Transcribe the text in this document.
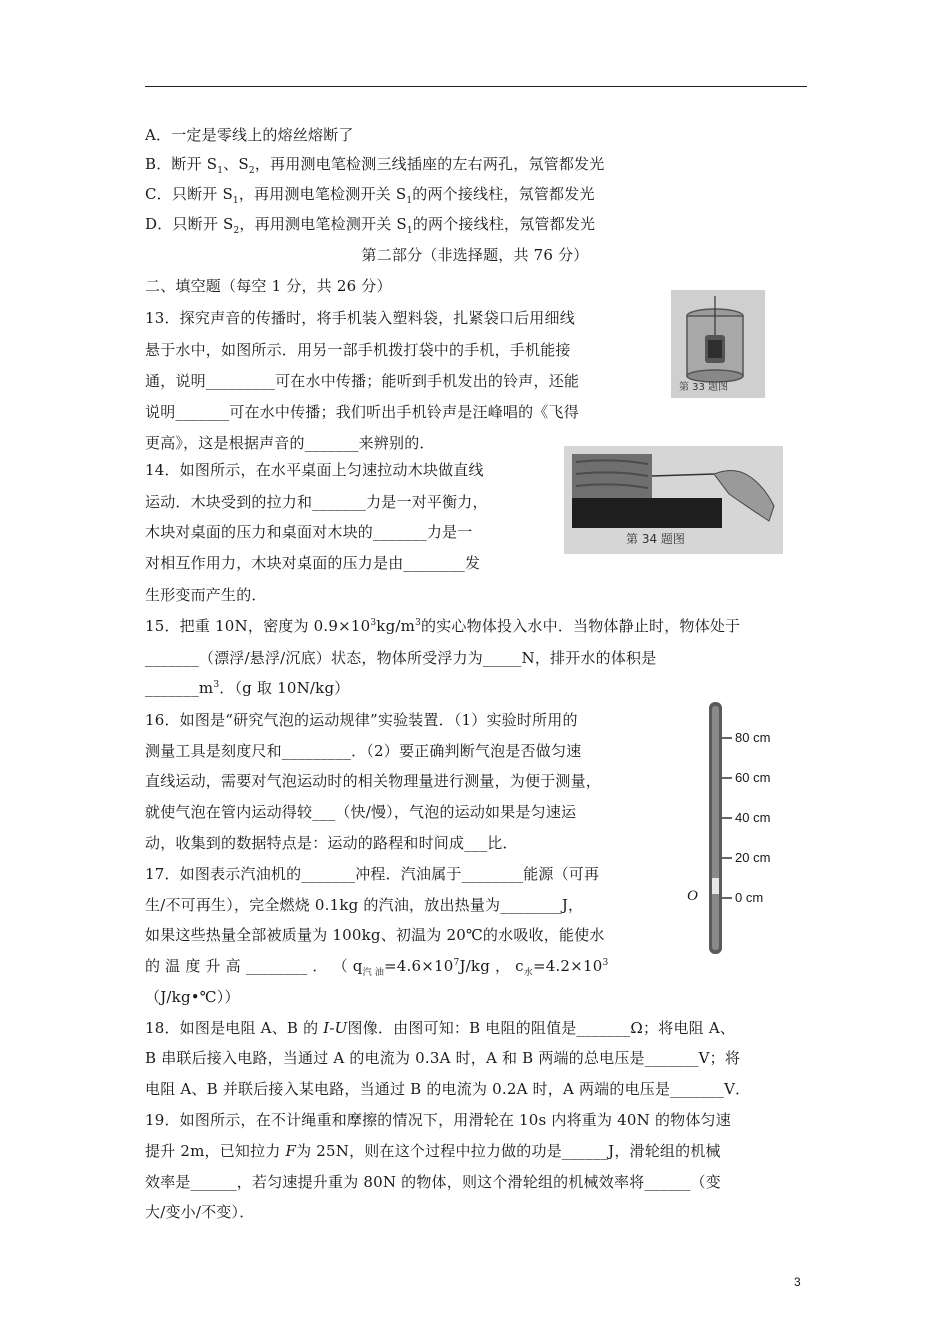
A．一定是零线上的熔丝熔断了
B．断开 $S_1$、$S_2$，再用测电笔检测三线插座的左右两孔，氖管都发光
C．只断开 $S_1$，再用测电笔检测开关 $S_1$的两个接线柱，氖管都发光
D．只断开 $S_2$，再用测电笔检测开关 $S_1$的两个接线柱，氖管都发光
第二部分（非选择题，共 76 分）
二、填空题（每空 1 分，共 26 分）
13．探究声音的传播时，将手机装入塑料袋，扎紧袋口后用细线
悬于水中，如图所示．用另一部手机拨打袋中的手机，手机能接
通，说明_________可在水中传播；能听到手机发出的铃声，还能
说明_______可在水中传播；我们听出手机铃声是汪峰唱的《飞得
更高》，这是根据声音的_______来辨别的．
第 33 题图
14．如图所示，在水平桌面上匀速拉动木块做直线
运动．木块受到的拉力和_______力是一对平衡力，
木块对桌面的压力和桌面对木块的_______力是一
对相互作用力，木块对桌面的压力是由________发
生形变而产生的．
第 34 题图
15．把重 10N，密度为 $0.9\times 10^3kg/m^3$的实心物体投入水中．当物体静止时，物体处于
_______（漂浮/悬浮/沉底）状态，物体所受浮力为_____N，排开水的体积是
$\_\_\_\_\_\_\_m^3$．（g 取 10N/kg）
16．如图是“研究气泡的运动规律”实验装置．（1）实验时所用的
测量工具是刻度尺和_________．（2）要正确判断气泡是否做匀速
直线运动，需要对气泡运动时的相关物理量进行测量，为便于测量，
就使气泡在管内运动得较___（快/慢），气泡的运动如果是匀速运
动，收集到的数据特点是：运动的路程和时间成___比．
80 cm
60 cm
40 cm
20 cm
0 cm
O
17．如图表示汽油机的_______冲程．汽油属于________能源（可再
生/不可再生），完全燃烧 0.1kg 的汽油，放出热量为________J，
如果这些热量全部被质量为 100kg、初温为 20℃的水吸收，能使水
的 温 度 升 高 ________ ． （ $q_{汽 油}=4.6\times 10^7J/kg$ ， $c_水=4.2\times 10^3$
（J/kg•℃））
18．如图是电阻 A、B 的 I-U图像．由图可知：B 电阻的阻值是_______Ω；将电阻 A、
B 串联后接入电路，当通过 A 的电流为 0.3A 时，A 和 B 两端的总电压是_______V；将
电阻 A、B 并联后接入某电路，当通过 B 的电流为 0.2A 时，A 两端的电压是_______V．
19．如图所示，在不计绳重和摩擦的情况下，用滑轮在 10s 内将重为 40N 的物体匀速
提升 2m，已知拉力 F为 25N，则在这个过程中拉力做的功是______J，滑轮组的机械
效率是______，若匀速提升重为 80N 的物体，则这个滑轮组的机械效率将______（变
大/变小/不变）．
3
